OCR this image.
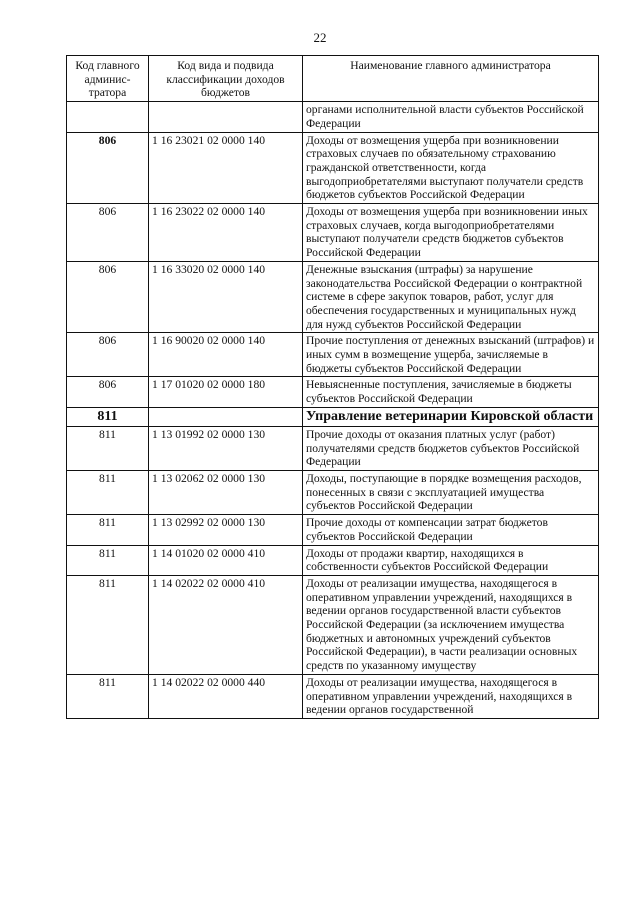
22
Код главного админис-тратора	Код вида и подвида классификации доходов бюджетов	Наименование главного администратора
		органами исполнительной власти субъектов Российской Федерации
806	1 16 23021 02 0000 140	Доходы от возмещения ущерба при возникновении страховых случаев по обязательному страхованию гражданской ответственности, когда выгодоприобретателями выступают получатели средств бюджетов субъектов Российской Федерации
806	1 16 23022 02 0000 140	Доходы от возмещения ущерба при возникновении иных страховых случаев, когда выгодоприобретателями выступают получатели средств бюджетов субъектов Российской Федерации
806	1 16 33020 02 0000 140	Денежные взыскания (штрафы) за нарушение законодательства Российской Федерации о контрактной системе в сфере закупок товаров, работ, услуг для обеспечения государственных и муниципальных нужд для нужд субъектов Российской Федерации
806	1 16 90020 02 0000 140	Прочие поступления от денежных взысканий (штрафов) и иных сумм в возмещение ущерба, зачисляемые в бюджеты субъектов Российской Федерации
806	1 17 01020 02 0000 180	Невыясненные поступления, зачисляемые в бюджеты субъектов Российской Федерации
811		Управление ветеринарии Кировской области
811	1 13 01992 02 0000 130	Прочие доходы от оказания платных услуг (работ) получателями средств бюджетов субъектов Российской Федерации
811	1 13 02062 02 0000 130	Доходы, поступающие в порядке возмещения расходов, понесенных в связи с эксплуатацией имущества субъектов Российской Федерации
811	1 13 02992 02 0000 130	Прочие доходы от компенсации затрат бюджетов субъектов Российской Федерации
811	1 14 01020 02 0000 410	Доходы от продажи квартир, находящихся в собственности субъектов Российской Федерации
811	1 14 02022 02 0000 410	Доходы от реализации имущества, находящегося в оперативном управлении учреждений, находящихся в ведении органов государственной власти субъектов Российской Федерации (за исключением имущества бюджетных и автономных учреждений субъектов Российской Федерации), в части реализации основных средств по указанному имуществу
811	1 14 02022 02 0000 440	Доходы от реализации имущества, находящегося в оперативном управлении учреждений, находящихся в ведении органов государственной
